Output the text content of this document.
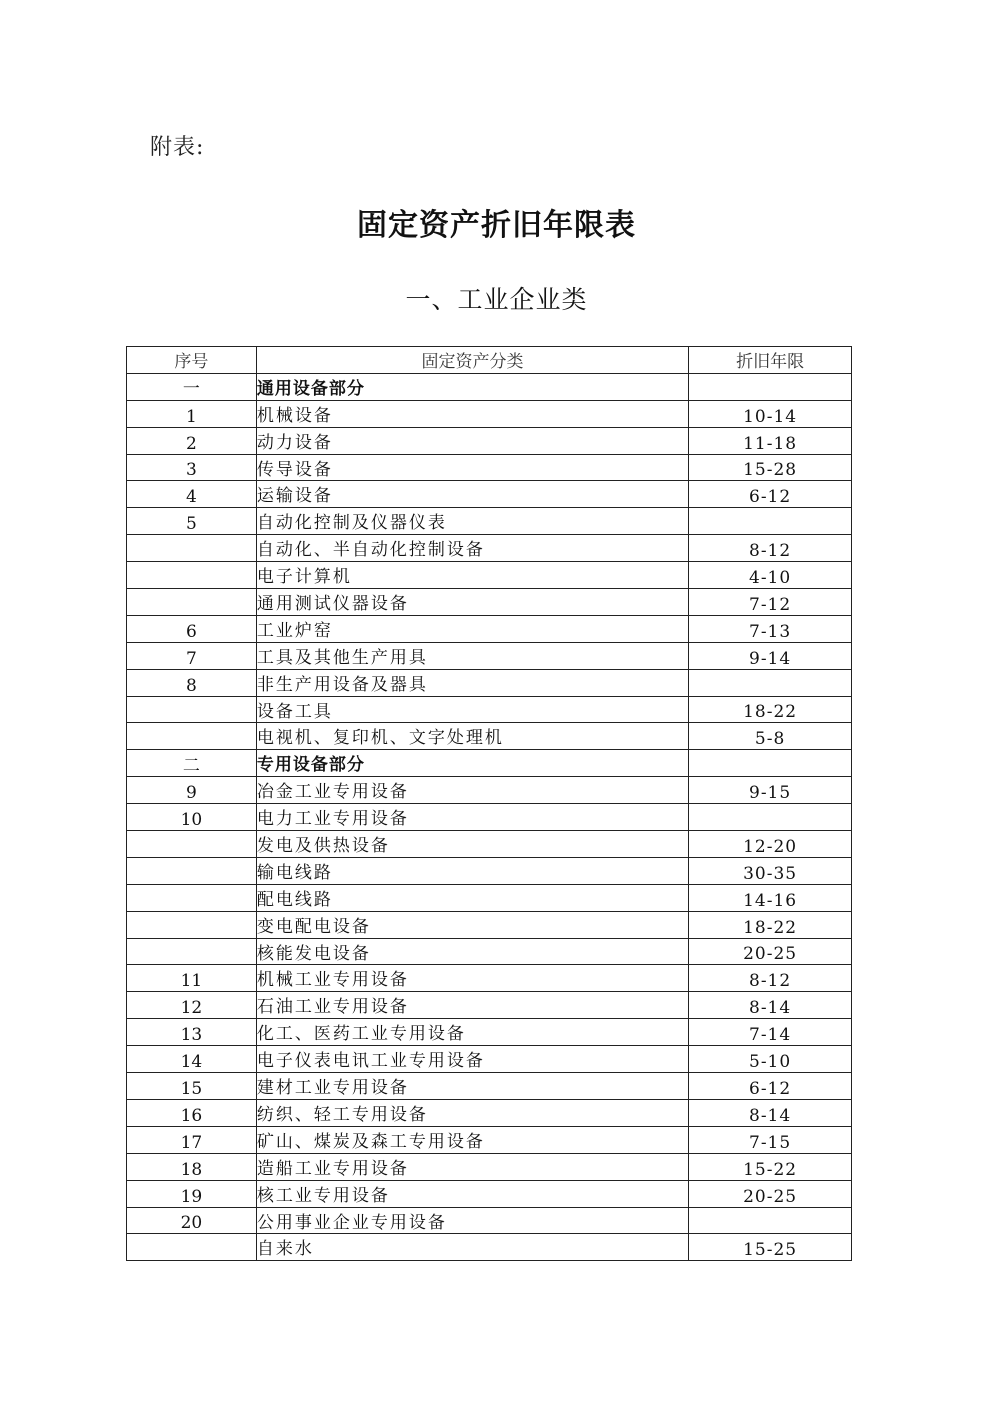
附表:
固定资产折旧年限表
一、工业企业类
序号	固定资产分类	折旧年限
一	通用设备部分	
1	机械设备	10-14
2	动力设备	11-18
3	传导设备	15-28
4	运输设备	6-12
5	自动化控制及仪器仪表	
	自动化、半自动化控制设备	8-12
	电子计算机	4-10
	通用测试仪器设备	7-12
6	工业炉窑	7-13
7	工具及其他生产用具	9-14
8	非生产用设备及器具	
	设备工具	18-22
	电视机、复印机、文字处理机	5-8
二	专用设备部分	
9	冶金工业专用设备	9-15
10	电力工业专用设备	
	发电及供热设备	12-20
	输电线路	30-35
	配电线路	14-16
	变电配电设备	18-22
	核能发电设备	20-25
11	机械工业专用设备	8-12
12	石油工业专用设备	8-14
13	化工、医药工业专用设备	7-14
14	电子仪表电讯工业专用设备	5-10
15	建材工业专用设备	6-12
16	纺织、轻工专用设备	8-14
17	矿山、煤炭及森工专用设备	7-15
18	造船工业专用设备	15-22
19	核工业专用设备	20-25
20	公用事业企业专用设备	
	自来水	15-25
